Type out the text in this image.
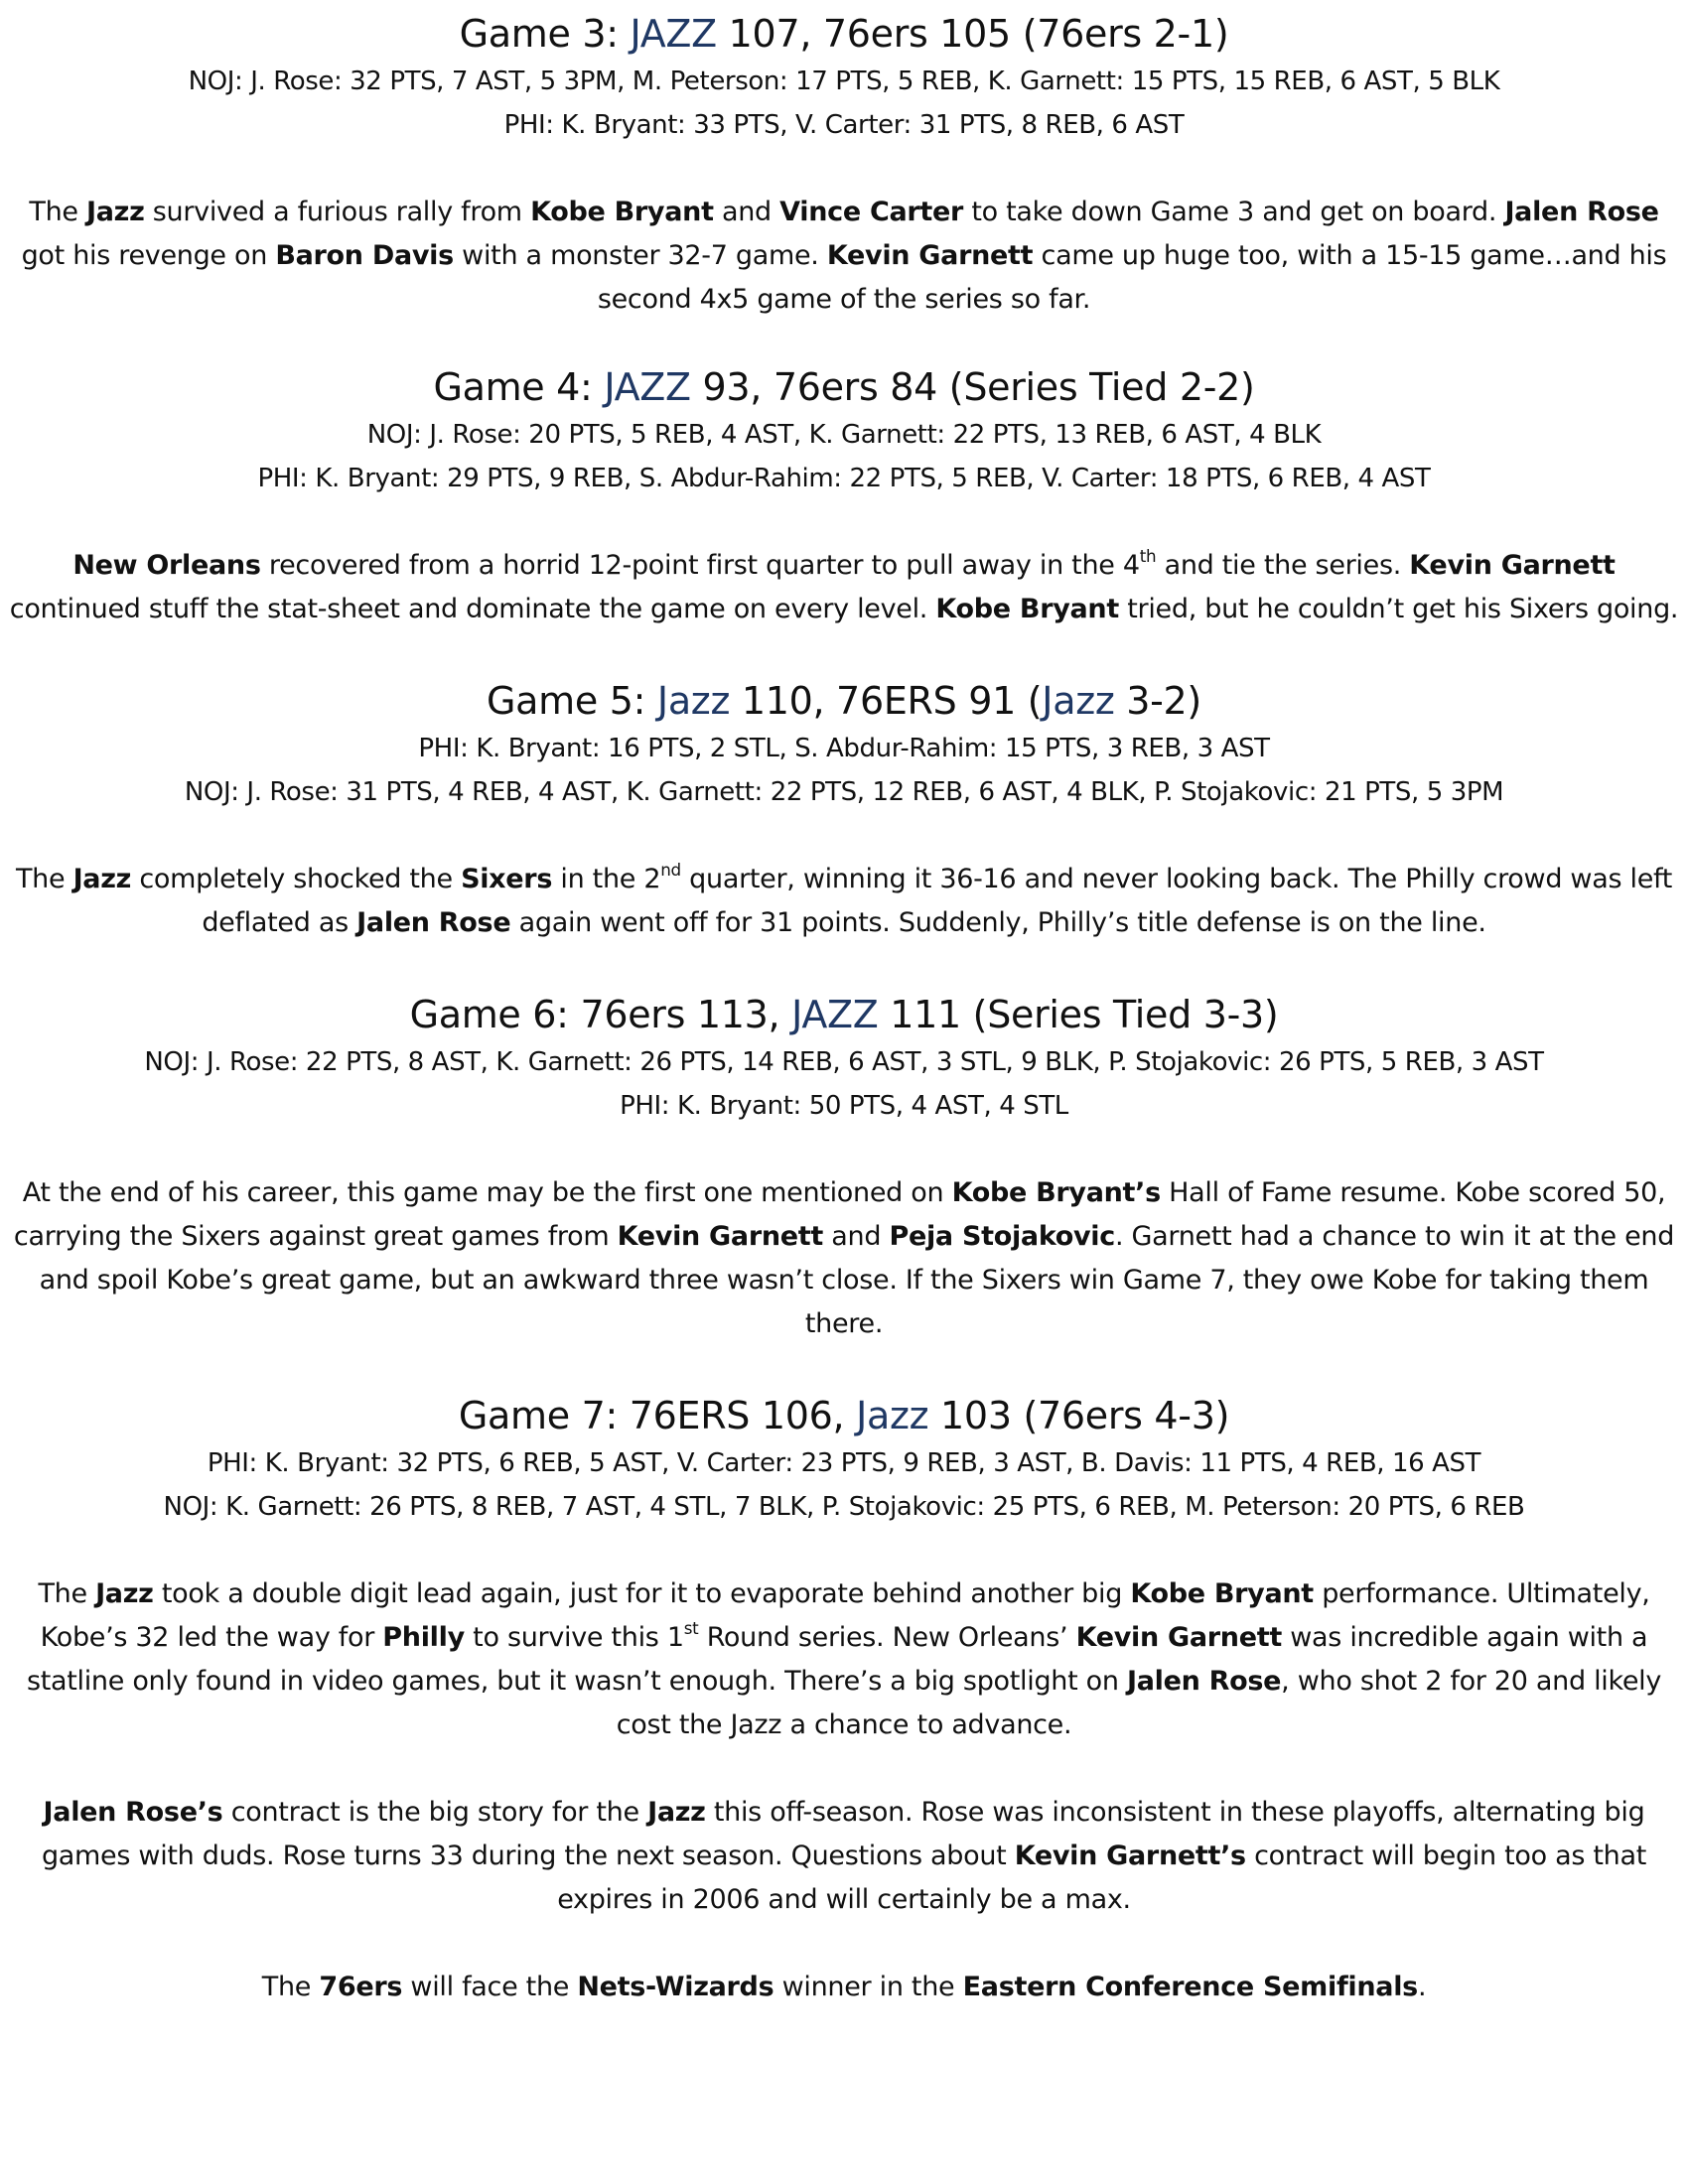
Game 3: JAZZ 107, 76ers 105 (76ers 2-1)

NOJ: J. Rose: 32 PTS, 7 AST, 5 3PM, M. Peterson: 17 PTS, 5 REB, K. Garnett: 15 PTS, 15 REB, 6 AST, 5 BLK

PHI: K. Bryant: 33 PTS, V. Carter: 31 PTS, 8 REB, 6 AST

The Jazz survived a furious rally from Kobe Bryant and Vince Carter to take down Game 3 and get on board. Jalen Rose got his revenge on Baron Davis with a monster 32-7 game. Kevin Garnett came up huge too, with a 15-15 game…and his second 4x5 game of the series so far.

Game 4: JAZZ 93, 76ers 84 (Series Tied 2-2)

NOJ: J. Rose: 20 PTS, 5 REB, 4 AST, K. Garnett: 22 PTS, 13 REB, 6 AST, 4 BLK

PHI: K. Bryant: 29 PTS, 9 REB, S. Abdur-Rahim: 22 PTS, 5 REB, V. Carter: 18 PTS, 6 REB, 4 AST

New Orleans recovered from a horrid 12-point first quarter to pull away in the 4th and tie the series. Kevin Garnett continued stuff the stat-sheet and dominate the game on every level. Kobe Bryant tried, but he couldn’t get his Sixers going.

Game 5: Jazz 110, 76ERS 91 (Jazz 3-2)

PHI: K. Bryant: 16 PTS, 2 STL, S. Abdur-Rahim: 15 PTS, 3 REB, 3 AST

NOJ: J. Rose: 31 PTS, 4 REB, 4 AST, K. Garnett: 22 PTS, 12 REB, 6 AST, 4 BLK, P. Stojakovic: 21 PTS, 5 3PM

The Jazz completely shocked the Sixers in the 2nd quarter, winning it 36-16 and never looking back. The Philly crowd was left deflated as Jalen Rose again went off for 31 points. Suddenly, Philly’s title defense is on the line.

Game 6: 76ers 113, JAZZ 111 (Series Tied 3-3)

NOJ: J. Rose: 22 PTS, 8 AST, K. Garnett: 26 PTS, 14 REB, 6 AST, 3 STL, 9 BLK, P. Stojakovic: 26 PTS, 5 REB, 3 AST

PHI: K. Bryant: 50 PTS, 4 AST, 4 STL

At the end of his career, this game may be the first one mentioned on Kobe Bryant’s Hall of Fame resume. Kobe scored 50, carrying the Sixers against great games from Kevin Garnett and Peja Stojakovic. Garnett had a chance to win it at the end and spoil Kobe’s great game, but an awkward three wasn’t close. If the Sixers win Game 7, they owe Kobe for taking them there.

Game 7: 76ERS 106, Jazz 103 (76ers 4-3)

PHI: K. Bryant: 32 PTS, 6 REB, 5 AST, V. Carter: 23 PTS, 9 REB, 3 AST, B. Davis: 11 PTS, 4 REB, 16 AST

NOJ: K. Garnett: 26 PTS, 8 REB, 7 AST, 4 STL, 7 BLK, P. Stojakovic: 25 PTS, 6 REB, M. Peterson: 20 PTS, 6 REB

The Jazz took a double digit lead again, just for it to evaporate behind another big Kobe Bryant performance. Ultimately, Kobe’s 32 led the way for Philly to survive this 1st Round series. New Orleans’ Kevin Garnett was incredible again with a statline only found in video games, but it wasn’t enough. There’s a big spotlight on Jalen Rose, who shot 2 for 20 and likely cost the Jazz a chance to advance.

Jalen Rose’s contract is the big story for the Jazz this off-season. Rose was inconsistent in these playoffs, alternating big games with duds. Rose turns 33 during the next season. Questions about Kevin Garnett’s contract will begin too as that expires in 2006 and will certainly be a max.

The 76ers will face the Nets-Wizards winner in the Eastern Conference Semifinals.
